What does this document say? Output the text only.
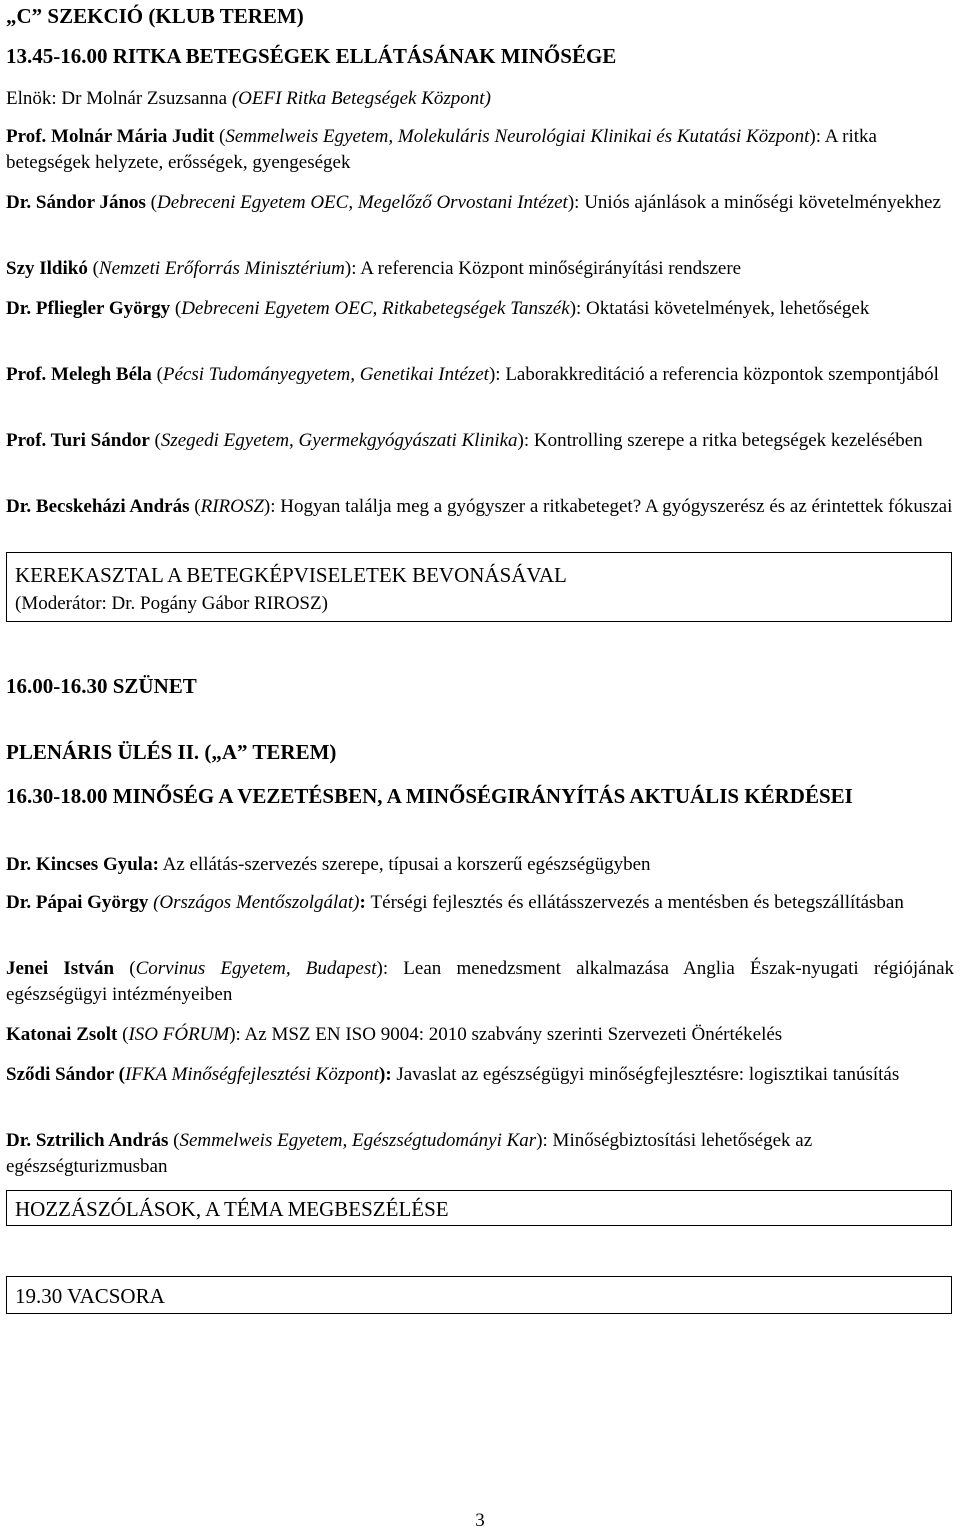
„C” SZEKCIÓ (KLUB TEREM)
13.45-16.00 RITKA BETEGSÉGEK ELLÁTÁSÁNAK MINŐSÉGE
Elnök: Dr Molnár Zsuzsanna (OEFI Ritka Betegségek Központ)
Prof. Molnár Mária Judit (Semmelweis Egyetem, Molekuláris Neurológiai Klinikai és Kutatási Központ): A ritka betegségek helyzete, erősségek, gyengeségek
Dr. Sándor János (Debreceni Egyetem OEC, Megelőző Orvostani Intézet): Uniós ajánlások a minőségi követelményekhez
Szy Ildikó (Nemzeti Erőforrás Minisztérium): A referencia Központ minőségirányítási rendszere
Dr. Pfliegler György (Debreceni Egyetem OEC, Ritkabetegségek Tanszék): Oktatási követelmények, lehetőségek
Prof. Melegh Béla (Pécsi Tudományegyetem, Genetikai Intézet): Laborakkreditáció a referencia központok szempontjából
Prof. Turi Sándor (Szegedi Egyetem, Gyermekgyógyászati Klinika): Kontrolling szerepe a ritka betegségek kezelésében
Dr. Becskeházi András (RIROSZ): Hogyan találja meg a gyógyszer a ritkabeteget? A gyógyszerész és az érintettek fókuszai
KEREKASZTAL A BETEGKÉPVISELETEK BEVONÁSÁVAL
(Moderátor: Dr. Pogány Gábor RIROSZ)
16.00-16.30 SZÜNET
PLENÁRIS ÜLÉS II. („A” TEREM)
16.30-18.00 MINŐSÉG A VEZETÉSBEN, A MINŐSÉGIRÁNYÍTÁS AKTUÁLIS KÉRDÉSEI
Dr. Kincses Gyula: Az ellátás-szervezés szerepe, típusai a korszerű egészségügyben
Dr. Pápai György (Országos Mentőszolgálat): Térségi fejlesztés és ellátásszervezés a mentésben és betegszállításban
Jenei István (Corvinus Egyetem, Budapest): Lean menedzsment alkalmazása Anglia Észak-nyugati régiójának egészségügyi intézményeiben
Katonai Zsolt (ISO FÓRUM): Az MSZ EN ISO 9004: 2010 szabvány szerinti Szervezeti Önértékelés
Sződi Sándor (IFKA Minőségfejlesztési Központ): Javaslat az egészségügyi minőségfejlesztésre: logisztikai tanúsítás
Dr. Sztrilich András (Semmelweis Egyetem, Egészségtudományi Kar): Minőségbiztosítási lehetőségek az egészségturizmusban
HOZZÁSZÓLÁSOK, A TÉMA MEGBESZÉLÉSE
19.30 VACSORA
3
